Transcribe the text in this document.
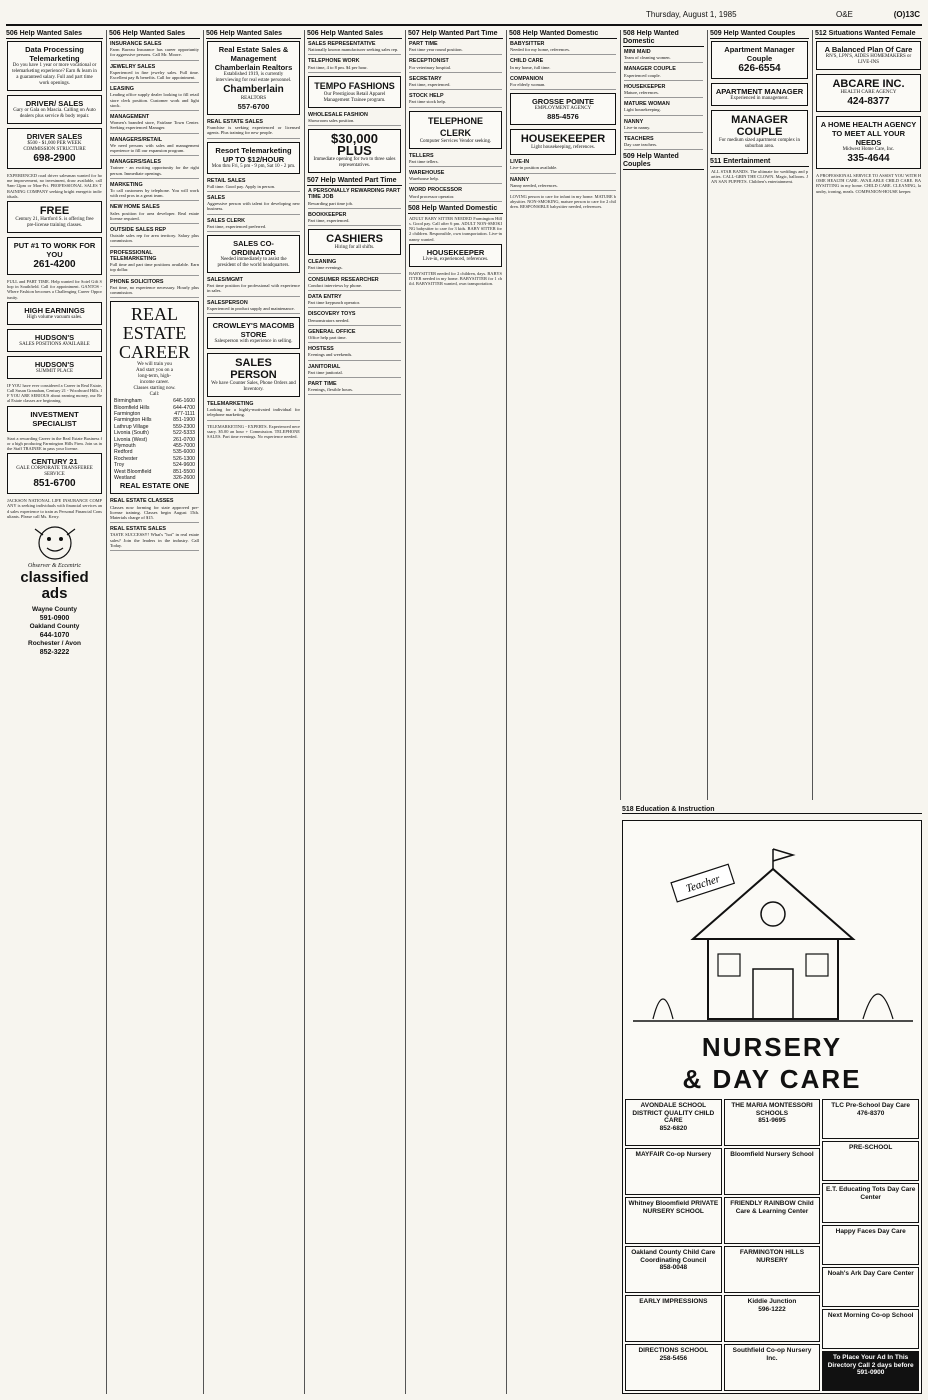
Thursday, August 1, 1985	O&E	(O)13C
506 Help Wanted Sales
Data Processing Telemarketing
Do you have 1 year or more vocational or telemarketing experience? Earn & learn in a guaranteed salary. Full and part time work openings.
DRIVER/ SALES
Gary or Gala on Mascia. Calling on Auto dealers plus service & body repair.
DRIVER SALES
$500 - $1,000 PER WEEK COMMISSION STRUCTURE
698-2900
EXPERIENCED road driver salesman wanted for home improvement, no investment, draw available, call 9am-12pm or Mon-Fri. PROFESSIONAL SALES TRAINING COMPANY seeking bright energetic individuals.
FREE
Century 21, Hartford S. is offering free pre-license training classes.
PUT #1 TO WORK FOR YOU
261-4200
FULL and PART TIME. Help wanted for Soiel Gift Shop in Southfield. Call for appointment. GANTOS - Where Fashion becomes a Challenging Career Opportunity.
HIGH EARNINGS
High volume vacuum sales.
HUDSON'S
SALES POSITIONS AVAILABLE
HUDSON'S
SUMMIT PLACE
IF YOU have ever considered a Career in Real Estate, Call Susan Granahan, Century 21 - Woodward Hills. IF YOU ARE SERIOUS about earning money, our Real Estate classes are beginning.
INVESTMENT SPECIALIST
Start a rewarding Career in the Real Estate Business for a high producing Farmington Hills Firm. Join us in the Staff TRAINEE in pass your license.
CENTURY 21
GALE CORPORATE TRANSFEREE SERVICE
851-6700
JACKSON NATIONAL LIFE INSURANCE COMPANY is seeking individuals with financial services and sales experience to train as Personal Financial Consultants. Please call Ms. Kerry.
Observer & Eccentric
classified ads
Wayne County
591-0900
Oakland County
644-1070
Rochester / Avon
852-3222
506 Help Wanted Sales
INSURANCE SALES
Farm Bureau Insurance has career opportunity for aggressive persons. Call Mr. Moore.
JEWELRY SALES
Experienced in fine jewelry sales. Full time. Excellent pay & benefits. Call for appointment.
LEASING
Leading office supply dealer looking to fill retail store clerk position. Customer work and light stock.
MANAGEMENT
Women's branded store, Fairlane Town Center. Seeking experienced Manager.
MANAGERS/RETAIL
We need persons with sales and management experience to fill our expansion program.
MANAGERS/SALES
Trainee - an exciting opportunity for the right person. Immediate openings.
MARKETING
To call customers by telephone. You will work with real pros in a great team.
NEW HOME SALES
Sales position for area developer. Real estate license required.
OUTSIDE SALES REP
Outside sales rep for area territory. Salary plus commission.
PROFESSIONAL TELEMARKETING
Full time and part time positions available. Earn top dollar.
PHONE SOLICITORS
Part time, no experience necessary. Hourly plus commission.
REAL ESTATE CAREER
We will train you
And start you on a
long-term, high-
income career.
Classes starting now.
Call:
Birmingham	646-1600
Bloomfield Hills	644-4700
Farmington	477-1111
Farmington Hills	851-1900
Lathrup Village	559-2300
Livonia (South)	522-5333
Livonia (West)	261-0700
Plymouth	455-7000
Redford	535-6000
Rochester	526-1300
Troy	524-9600
West Bloomfield	851-5500
Westland	326-2600
REAL ESTATE ONE
REAL ESTATE CLASSES
Classes now forming for state approved pre-license training. Classes begin August 15th. Materials charge of $15.
REAL ESTATE SALES
TASTE SUCCESS!!! What's "hot" in real estate sales? Join the leaders in the industry. Call Today.
506 Help Wanted Sales
Real Estate Sales & Management Chamberlain Realtors
Established 1919, is currently interviewing for real estate personnel.
Chamberlain
REALTORS
557-6700
REAL ESTATE SALES
Franchise is seeking experienced or licensed agents. Plus training for new people.
Resort Telemarketing UP TO $12/HOUR
Mon thru Fri, 5 pm - 9 pm, Sat 10 - 2 pm.
RETAIL SALES
Full time. Good pay. Apply in person.
SALES
Aggressive person with talent for developing new business.
SALES CLERK
Part time, experienced preferred.
SALES CO-ORDINATOR
Needed immediately to assist the president of the world headquarters.
SALES/MGMT
Part time position for professional with experience in sales.
SALESPERSON
Experienced in product supply and maintenance.
CROWLEY'S MACOMB STORE
Salesperson with experience in selling.
SALES PERSON
We have Counter Sales, Phone Orders and Inventory.
TELEMARKETING
Looking for a highly-motivated individual for telephone marketing.
TELEMARKETING - EXPERTS. Experienced necessary. $5.00 an hour + Commission. TELEPHONE SALES. Part time evenings. No experience needed.
506 Help Wanted Sales
SALES REPRESENTATIVE
Nationally known manufacturer seeking sales rep.
TELEPHONE WORK
Part time, 4 to 8 pm. $4 per hour.
TEMPO FASHIONS
Our Prestigious Retail Apparel Management Trainee program.
WHOLESALE FASHION
Showroom sales position.
$30,000 PLUS
Immediate opening for two to three sales representatives.
507 Help Wanted Part Time
A PERSONALLY REWARDING PART TIME JOB
Rewarding part time job.
BOOKKEEPER
Part time, experienced.
CASHIERS
Hiring for all shifts.
CLEANING
Part time evenings.
CONSUMER RESEARCHER
Conduct interviews by phone.
DATA ENTRY
Part time keypunch operator.
DISCOVERY TOYS
Demonstrators needed.
GENERAL OFFICE
Office help part time.
HOSTESS
Evenings and weekends.
JANITORIAL
Part time janitorial.
PART TIME
Evenings, flexible hours.
507 Help Wanted Part Time
PART TIME
Part time year round position.
RECEPTIONIST
For veterinary hospital.
SECRETARY
Part time, experienced.
STOCK HELP
Part time stock help.
TELEPHONE CLERK
Computer Services Vendor seeking.
TELLERS
Part time tellers.
WAREHOUSE
Warehouse help.
WORD PROCESSOR
Word processor operator.
508 Help Wanted Domestic
ADULT BABY SITTER NEEDED Farmington Hills. Good pay. Call after 6 pm. ADULT NON-SMOKING babysitter to care for 3 kids. BABY SITTER for 2 children. Responsible, own transportation. Live-in nanny wanted.
HOUSEKEEPER
Live-in, experienced, references.
BABYSITTER needed for 2 children, days. BABYSITTER needed in my home. BABYSITTER for 1 child. BABYSITTER wanted, own transportation.
508 Help Wanted Domestic
BABYSITTER
Needed for my home, references.
CHILD CARE
In my home, full time.
COMPANION
For elderly woman.
GROSSE POINTE
EMPLOYMENT AGENCY
885-4576
HOUSEKEEPER
Light housekeeping, references.
LIVE-IN
Live-in position available.
NANNY
Nanny needed, references.
LOVING person to care for infant in my home. MATURE babysitter. NON-SMOKING, mature person to care for 2 children. RESPONSIBLE babysitter needed, references.
508 Help Wanted Domestic
MINI MAID
Team of cleaning women.
MANAGER COUPLE
Experienced couple.
HOUSEKEEPER
Mature, references.
MATURE WOMAN
Light housekeeping.
NANNY
Live-in nanny.
TEACHERS
Day care teachers.
509 Help Wanted Couples
509 Help Wanted Couples
Apartment Manager Couple
626-6554
APARTMENT MANAGER
Experienced in management.
MANAGER COUPLE
For medium sized apartment complex in suburban area.
511 Entertainment
ALL STAR BANDS. The ultimate for weddings and parties. CALL-GRIN THE CLOWN. Magic, balloons. JAN SAN PUPPETS. Children's entertainment.
512 Situations Wanted Female
A Balanced Plan Of Care
RN'S, LPN'S, AIDES HOMEMAKERS or LIVE-INS
ABCARE INC.
HEALTH CARE AGENCY
424-8377
A HOME HEALTH AGENCY TO MEET ALL YOUR NEEDS
Midwest Home Care, Inc.
335-4644
A PROFESSIONAL SERVICE TO ASSIST YOU WITH HOME HEALTH CARE. AVAILABLE CHILD CARE. BABYSITTING in my home. CHILD CARE. CLEANING, laundry, ironing, meals. COMPANION-HOUSE keeper.
518 Education & Instruction
Teacher
NURSERY
& DAY CARE
AVONDALE SCHOOL DISTRICT QUALITY CHILD CARE
852-6820
MAYFAIR Co-op Nursery
Whitney Bloomfield PRIVATE NURSERY SCHOOL
Oakland County Child Care Coordinating Council
858-0048
EARLY IMPRESSIONS
DIRECTIONS SCHOOL
258-5456
THE MARIA MONTESSORI SCHOOLS
851-9695
Bloomfield Nursery School
FRIENDLY RAINBOW Child Care & Learning Center
FARMINGTON HILLS NURSERY
Kiddie Junction
596-1222
Southfield Co-op Nursery Inc.
TLC Pre-School Day Care
476-8370
PRE-SCHOOL
E.T. Educating Tots Day Care Center
Happy Faces Day Care
Noah's Ark Day Care Center
Next Morning Co-op School
To Place Your Ad In This Directory Call 2 days before
591-0900
